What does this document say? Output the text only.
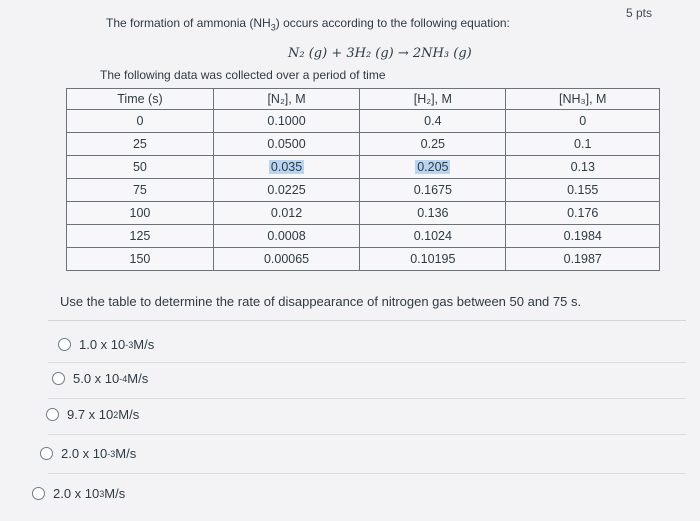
5 pts
The formation of ammonia $(NH_3)$ occurs according to the following equation:
N₂ (g) + 3H₂ (g) → 2NH₃ (g)
The following data was collected over a period of time
Time (s)	[N₂], M	[H₂], M	[NH₃], M
0	0.1000	0.4	0
25	0.0500	0.25	0.1
50	0.035	0.205	0.13
75	0.0225	0.1675	0.155
100	0.012	0.136	0.176
125	0.0008	0.1024	0.1984
150	0.00065	0.10195	0.1987
Use the table to determine the rate of disappearance of nitrogen gas between 50 and 75 s.
1.0 x 10 -3 M/s
5.0 x 10 -4 M/s
9.7 x 10 2 M/s
2.0 x 10 -3 M/s
2.0 x 10 3 M/s
